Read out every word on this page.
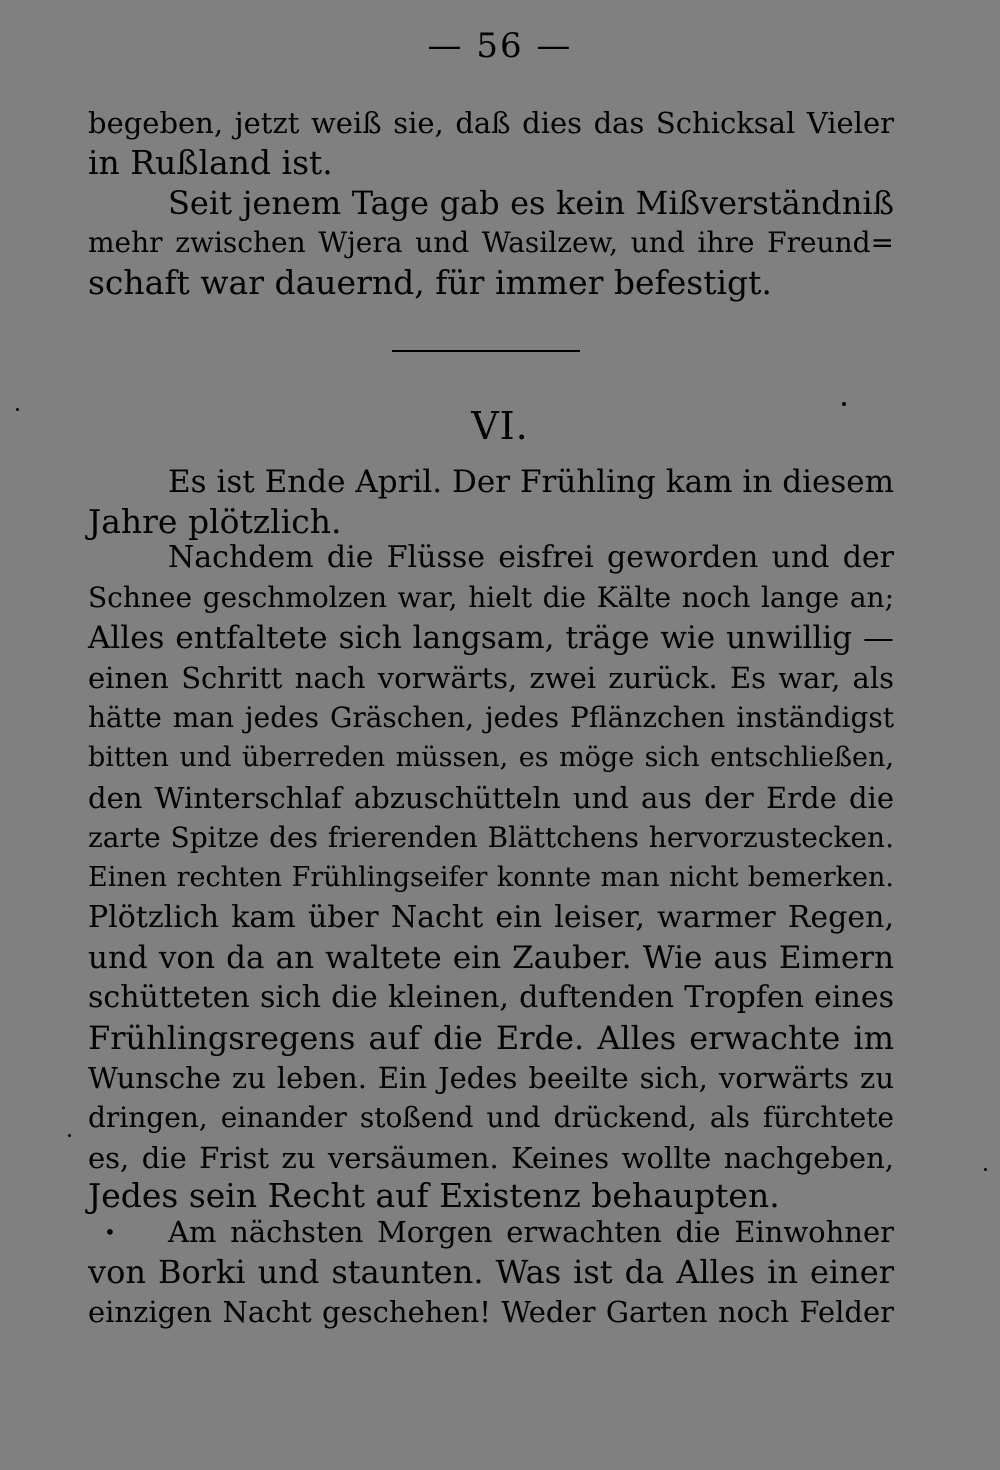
— 56 —
begeben, jetzt weiß sie, daß dies das Schicksal Vieler
in Rußland ist.
Seit jenem Tage gab es kein Mißverständniß
mehr zwischen Wjera und Wasilzew, und ihre Freund=
schaft war dauernd, für immer befestigt.
VI.
Es ist Ende April. Der Frühling kam in diesem
Jahre plötzlich.
Nachdem die Flüsse eisfrei geworden und der
Schnee geschmolzen war, hielt die Kälte noch lange an;
Alles entfaltete sich langsam, träge wie unwillig —
einen Schritt nach vorwärts, zwei zurück. Es war, als
hätte man jedes Gräschen, jedes Pflänzchen inständigst
bitten und überreden müssen, es möge sich entschließen,
den Winterschlaf abzuschütteln und aus der Erde die
zarte Spitze des frierenden Blättchens hervorzustecken.
Einen rechten Frühlingseifer konnte man nicht bemerken.
Plötzlich kam über Nacht ein leiser, warmer Regen,
und von da an waltete ein Zauber. Wie aus Eimern
schütteten sich die kleinen, duftenden Tropfen eines
Frühlingsregens auf die Erde. Alles erwachte im
Wunsche zu leben. Ein Jedes beeilte sich, vorwärts zu
dringen, einander stoßend und drückend, als fürchtete
es, die Frist zu versäumen. Keines wollte nachgeben,
Jedes sein Recht auf Existenz behaupten.
• Am nächsten Morgen erwachten die Einwohner
von Borki und staunten. Was ist da Alles in einer
einzigen Nacht geschehen! Weder Garten noch Felder
